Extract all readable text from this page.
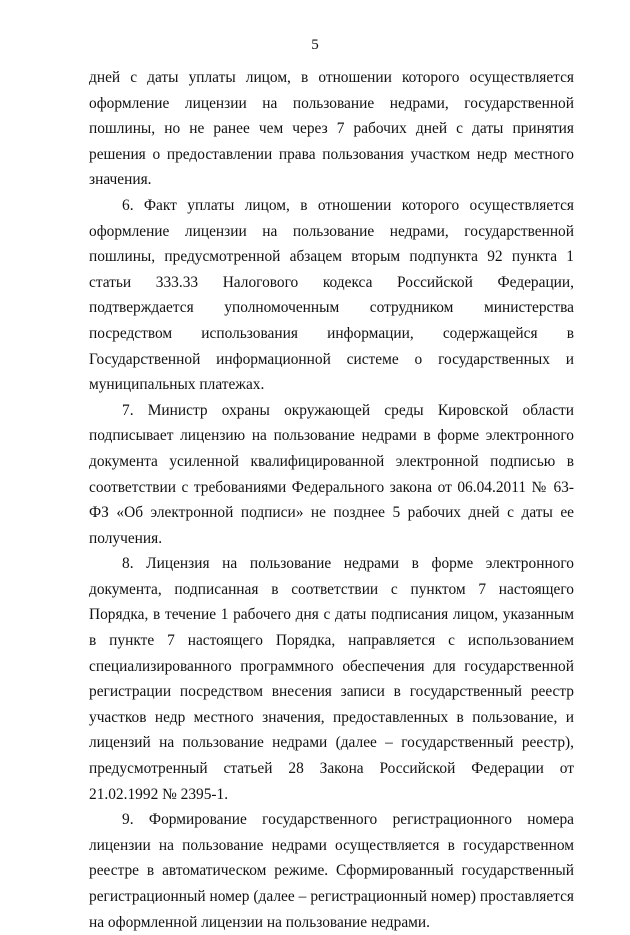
5

дней с даты уплаты лицом, в отношении которого осуществляется оформление лицензии на пользование недрами, государственной пошлины, но не ранее чем через 7 рабочих дней с даты принятия решения о предоставлении права пользования участком недр местного значения.

6. Факт уплаты лицом, в отношении которого осуществляется оформление лицензии на пользование недрами, государственной пошлины, предусмотренной абзацем вторым подпункта 92 пункта 1 статьи 333.33 Налогового кодекса Российской Федерации, подтверждается уполномоченным сотрудником министерства посредством использования информации, содержащейся в Государственной информационной системе о государственных и муниципальных платежах.

7. Министр охраны окружающей среды Кировской области подписывает лицензию на пользование недрами в форме электронного документа усиленной квалифицированной электронной подписью в соответствии с требованиями Федерального закона от 06.04.2011 № 63-ФЗ «Об электронной подписи» не позднее 5 рабочих дней с даты ее получения.

8. Лицензия на пользование недрами в форме электронного документа, подписанная в соответствии с пунктом 7 настоящего Порядка, в течение 1 рабочего дня с даты подписания лицом, указанным в пункте 7 настоящего Порядка, направляется с использованием специализированного программного обеспечения для государственной регистрации посредством внесения записи в государственный реестр участков недр местного значения, предоставленных в пользование, и лицензий на пользование недрами (далее – государственный реестр), предусмотренный статьей 28 Закона Российской Федерации от 21.02.1992 № 2395-1.

9. Формирование государственного регистрационного номера лицензии на пользование недрами осуществляется в государственном реестре в автоматическом режиме. Сформированный государственный регистрационный номер (далее – регистрационный номер) проставляется на оформленной лицензии на пользование недрами.
